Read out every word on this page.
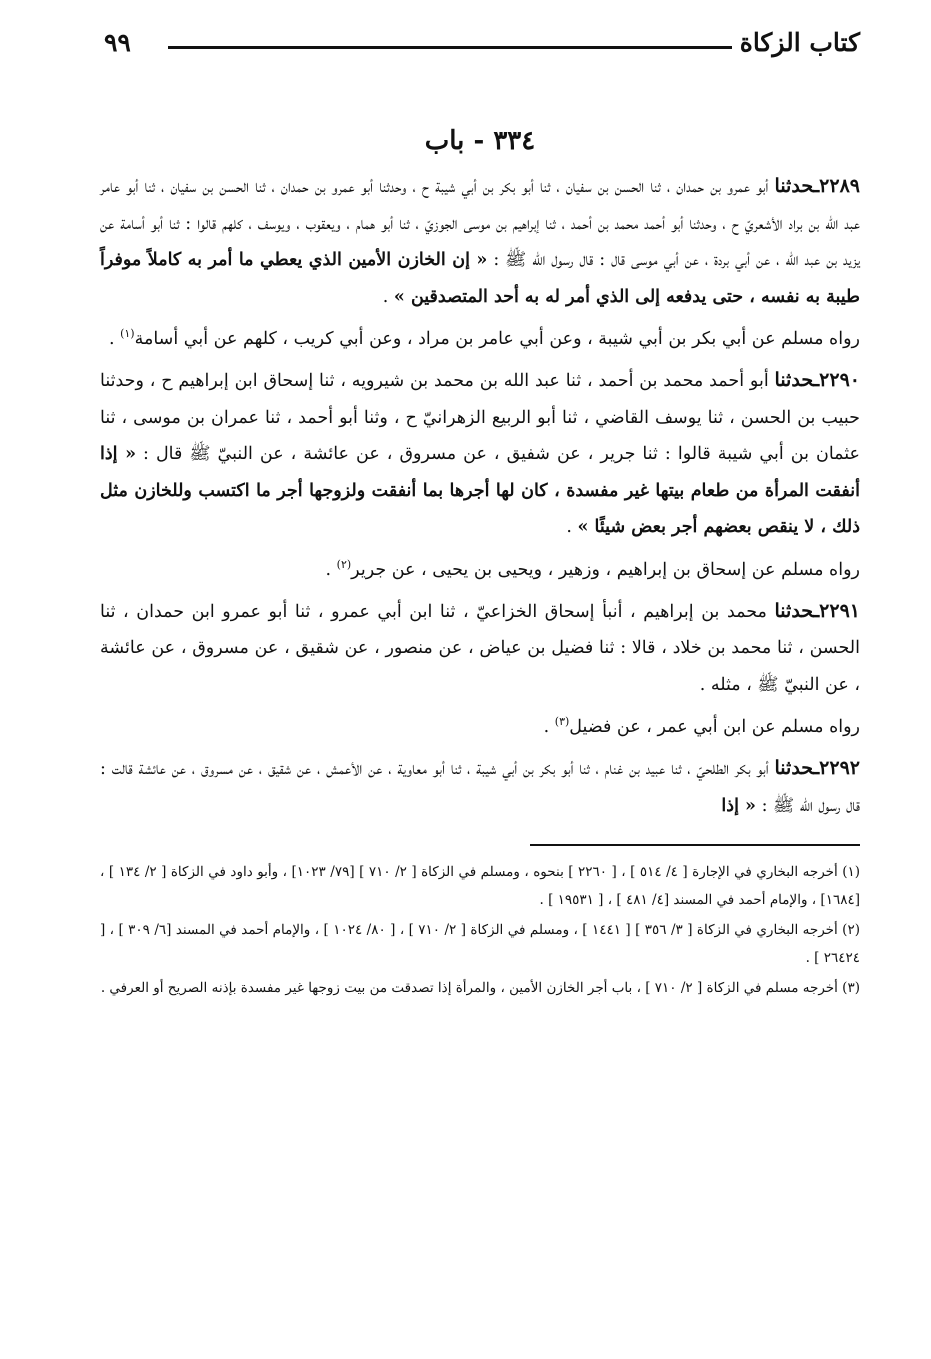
كتاب الزكاة
٩٩
٣٣٤ - باب

٢٢٨٩ـحدثنا أبو عمرو بن حمدان ، ثنا الحسن بن سفيان ، ثنا أبو بكر بن أبي شيبة ح ، وحدثنا أبو عمرو بن حمدان ، ثنا الحسن بن سفيان ، ثنا أبو عامر عبد الله بن براد الأشعريّ ح ، وحدثنا أبو أحمد محمد بن أحمد ، ثنا إبراهيم بن موسى الجوزيّ ، ثنا أبو همام ، ويعقوب ، ويوسف ، كلهم قالوا : ثنا أبو أسامة عن يزيد بن عبد الله ، عن أبي بردة ، عن أبي موسى قال : قال رسول الله ﷺ : « إن الخازن الأمين الذي يعطي ما أمر به كاملاً موفراً طيبة به نفسه ، حتى يدفعه إلى الذي أمر له به أحد المتصدقين » .

رواه مسلم عن أبي بكر بن أبي شيبة ، وعن أبي عامر بن مراد ، وعن أبي كريب ، كلهم عن أبي أسامة$^{(١)}$ .

٢٢٩٠ـحدثنا أبو أحمد محمد بن أحمد ، ثنا عبد الله بن محمد بن شيرويه ، ثنا إسحاق ابن إبراهيم ح ، وحدثنا حبيب بن الحسن ، ثنا يوسف القاضي ، ثنا أبو الربيع الزهرانيّ ح ، وثنا أبو أحمد ، ثنا عمران بن موسى ، ثنا عثمان بن أبي شيبة قالوا : ثنا جرير ، عن شفيق ، عن مسروق ، عن عائشة ، عن النبيّ ﷺ قال : « إذا أنفقت المرأة من طعام بيتها غير مفسدة ، كان لها أجرها بما أنفقت ولزوجها أجر ما اكتسب وللخازن مثل ذلك ، لا ينقص بعضهم أجر بعض شيئًا » .

رواه مسلم عن إسحاق بن إبراهيم ، وزهير ، ويحيى بن يحيى ، عن جرير$^{(٢)}$ .

٢٢٩١ـحدثنا محمد بن إبراهيم ، أنبأ إسحاق الخزاعيّ ، ثنا ابن أبي عمرو ، ثنا أبو عمرو ابن حمدان ، ثنا الحسن ، ثنا محمد بن خلاد ، قالا : ثنا فضيل بن عياض ، عن منصور ، عن شقيق ، عن مسروق ، عن عائشة ، عن النبيّ ﷺ ، مثله .

رواه مسلم عن ابن أبي عمر ، عن فضيل$^{(٣)}$ .

٢٢٩٢ـحدثنا أبو بكر الطلحيّ ، ثنا عبيد بن غنام ، ثنا أبو بكر بن أبي شيبة ، ثنا أبو معاوية ، عن الأعمش ، عن شقيق ، عن مسروق ، عن عائشة قالت : قال رسول الله ﷺ : « إذا

(١) أخرجه البخاري في الإجارة [ ٤/ ٥١٤ ] ، [ ٢٢٦٠ ] بنحوه ، ومسلم في الزكاة [ ٢/ ٧١٠ ] [٧٩/ ١٠٢٣] ، وأبو داود في الزكاة [ ٢/ ١٣٤ ] ، [١٦٨٤] ، والإمام أحمد في المسند [٤/ ٤٨١ ] ، [ ١٩٥٣١ ] .

(٢) أخرجه البخاري في الزكاة [ ٣/ ٣٥٦ ] [ ١٤٤١ ] ، ومسلم في الزكاة [ ٢/ ٧١٠ ] ، [ ٨٠/ ١٠٢٤ ] ، والإمام أحمد في المسند [٦/ ٣٠٩ ] ، [ ٢٦٤٢٤ ] .

(٣) أخرجه مسلم في الزكاة [ ٢/ ٧١٠ ] ، باب أجر الخازن الأمين ، والمرأة إذا تصدقت من بيت زوجها غير مفسدة بإذنه الصريح أو العرفي .
